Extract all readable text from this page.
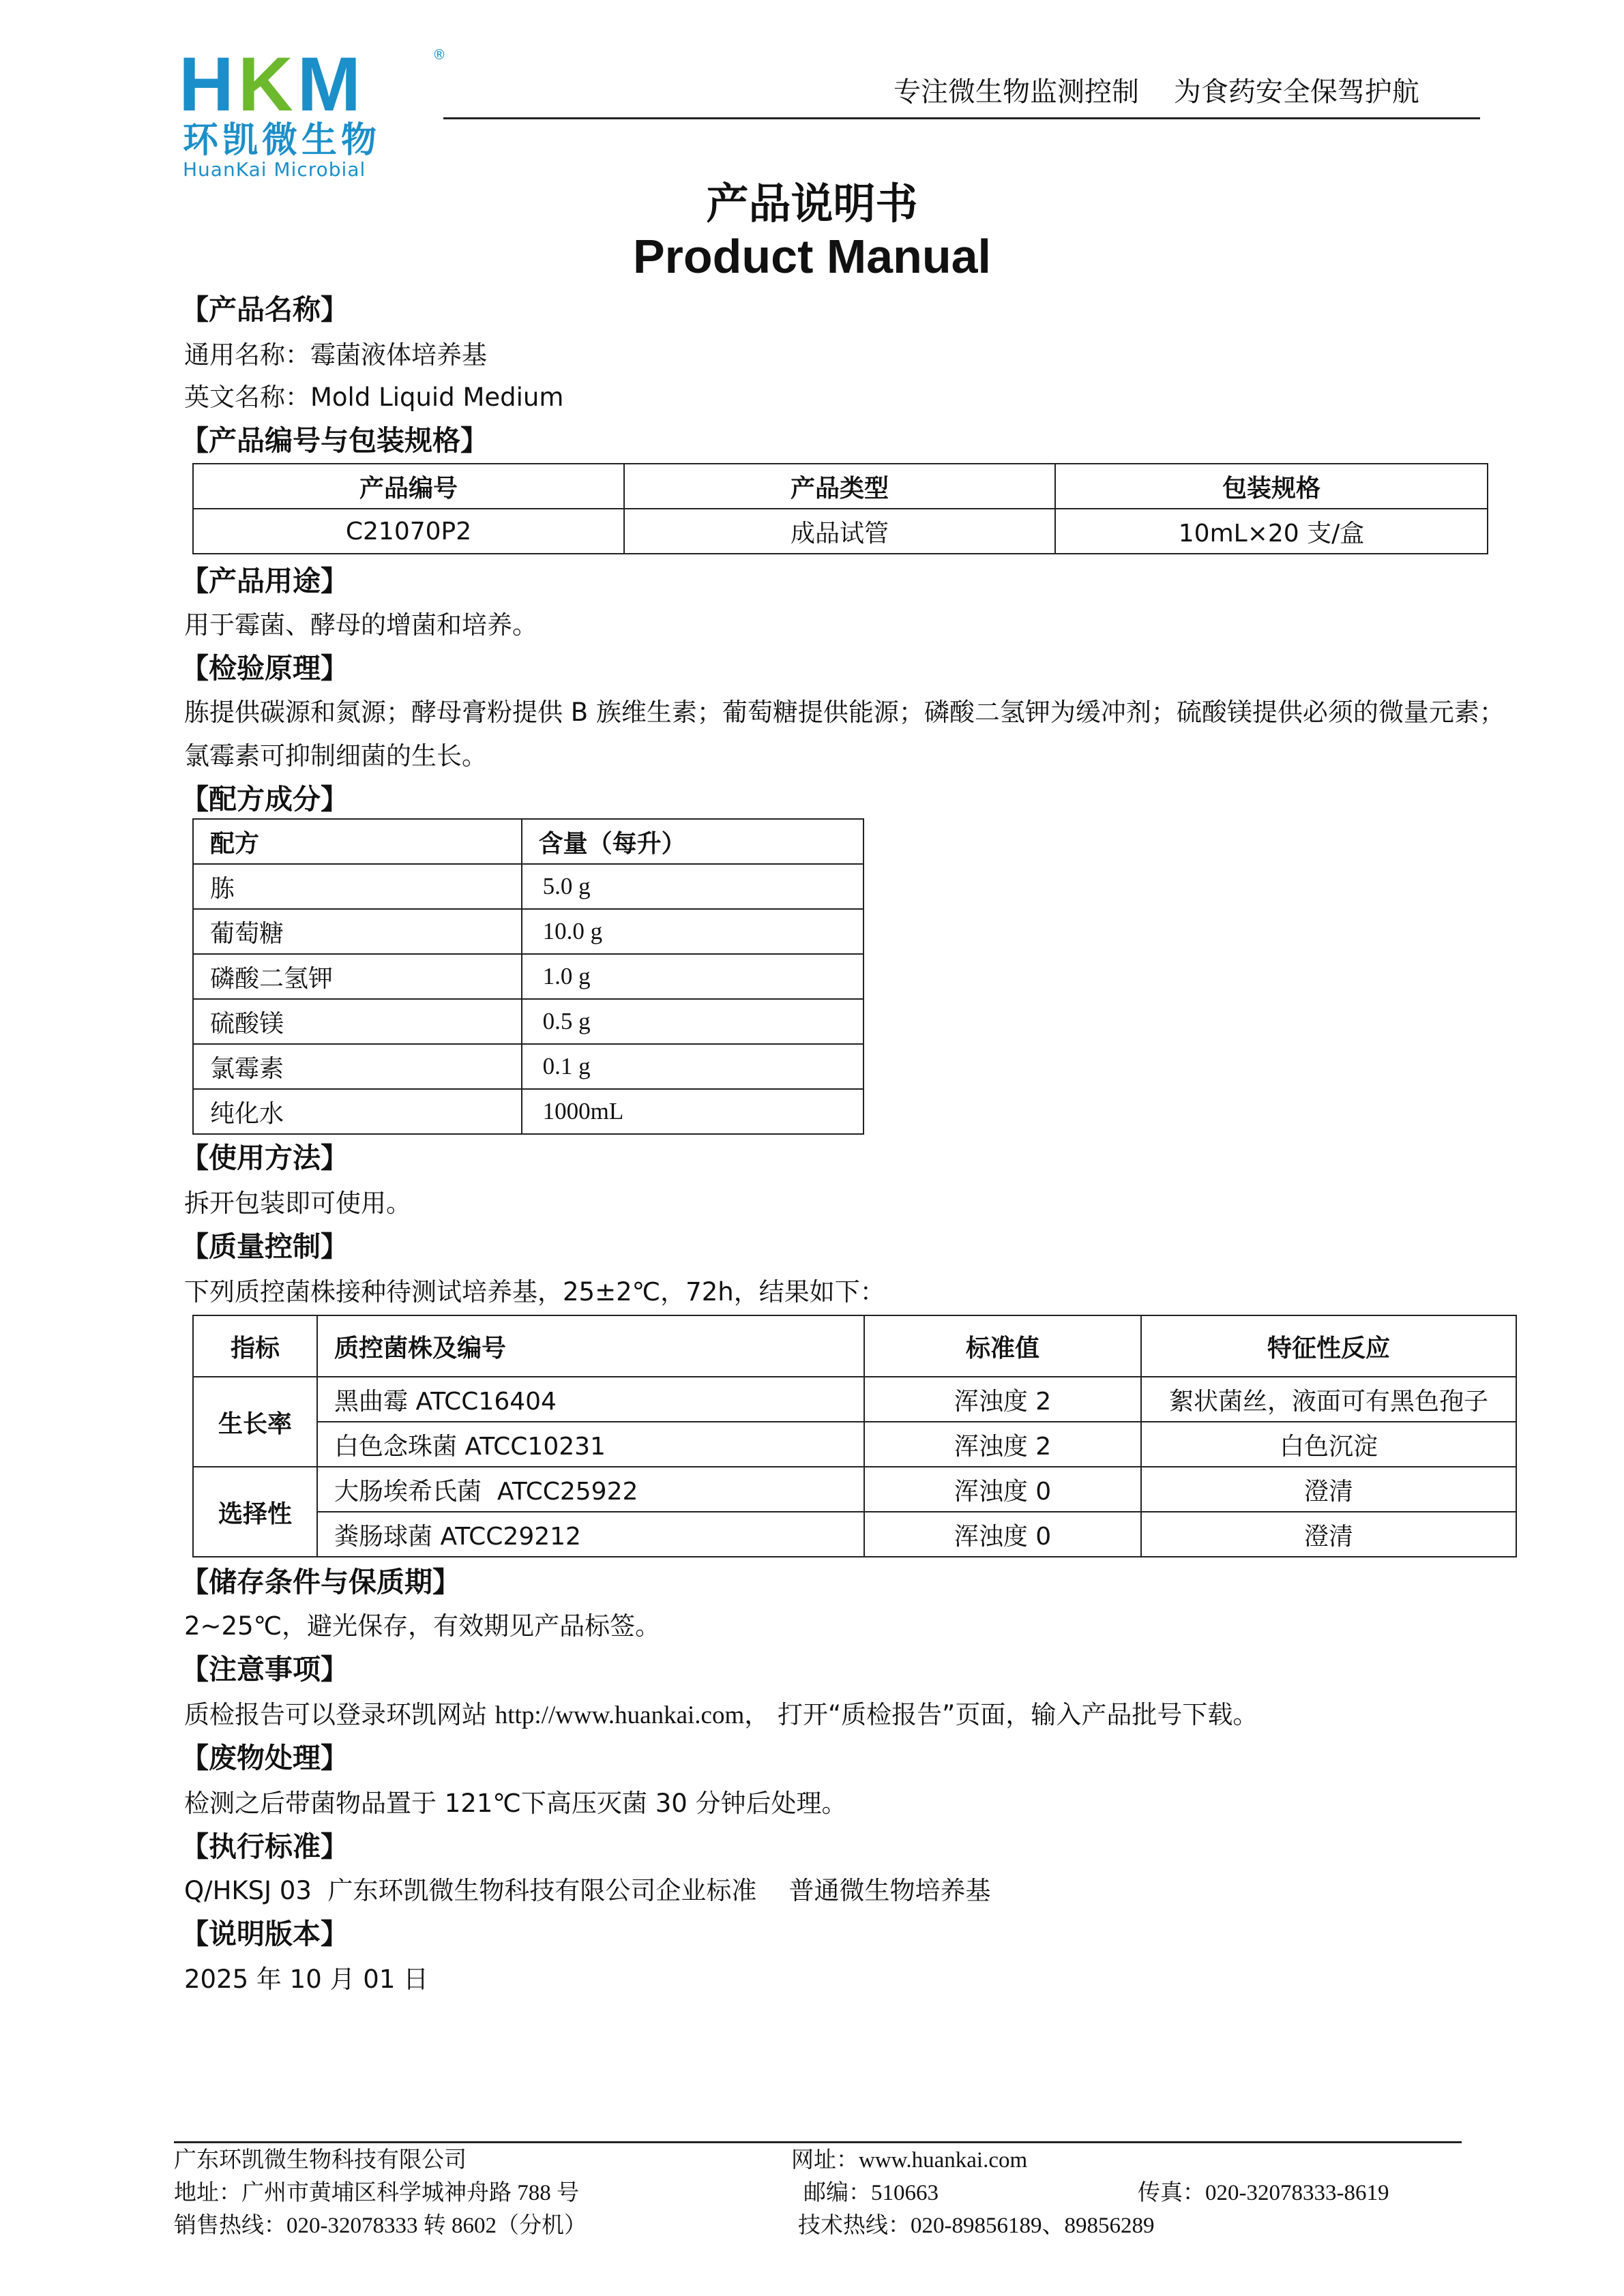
HKM	®
环凯微生物
HuanKai Microbial
专注微生物监测控制    为食药安全保驾护航
产品说明书
Product Manual
【产品名称】
通用名称：霉菌液体培养基
英文名称：Mold Liquid Medium
【产品编号与包装规格】
产品编号	产品类型	包装规格
C21070P2	成品试管	10mL×20 支/盒
【产品用途】
用于霉菌、酵母的增菌和培养。
【检验原理】
胨提供碳源和氮源；酵母膏粉提供 B 族维生素；葡萄糖提供能源；磷酸二氢钾为缓冲剂；硫酸镁提供必须的微量元素；
氯霉素可抑制细菌的生长。
【配方成分】
配方	含量（每升）
胨	5.0 g
葡萄糖	10.0 g
磷酸二氢钾	1.0 g
硫酸镁	0.5 g
氯霉素	0.1 g
纯化水	1000mL
【使用方法】
拆开包装即可使用。
【质量控制】
下列质控菌株接种待测试培养基，25±2℃，72h，结果如下：
指标	质控菌株及编号	标准值	特征性反应
生长率	黑曲霉 ATCC16404	浑浊度 2	絮状菌丝，液面可有黑色孢子
	白色念珠菌 ATCC10231	浑浊度 2	白色沉淀
选择性	大肠埃希氏菌  ATCC25922	浑浊度 0	澄清
	粪肠球菌 ATCC29212	浑浊度 0	澄清
【储存条件与保质期】
2~25℃，避光保存，有效期见产品标签。
【注意事项】
质检报告可以登录环凯网站 http://www.huankai.com， 打开“质检报告”页面，输入产品批号下载。
【废物处理】
检测之后带菌物品置于 121℃下高压灭菌 30 分钟后处理。
【执行标准】
Q/HKSJ 03  广东环凯微生物科技有限公司企业标准    普通微生物培养基
【说明版本】
2025 年 10 月 01 日
广东环凯微生物科技有限公司	网址：www.huankai.com
地址：广州市黄埔区科学城神舟路 788 号	邮编：510663	传真：020-32078333-8619
销售热线：020-32078333 转 8602（分机）	技术热线：020-89856189、89856289
